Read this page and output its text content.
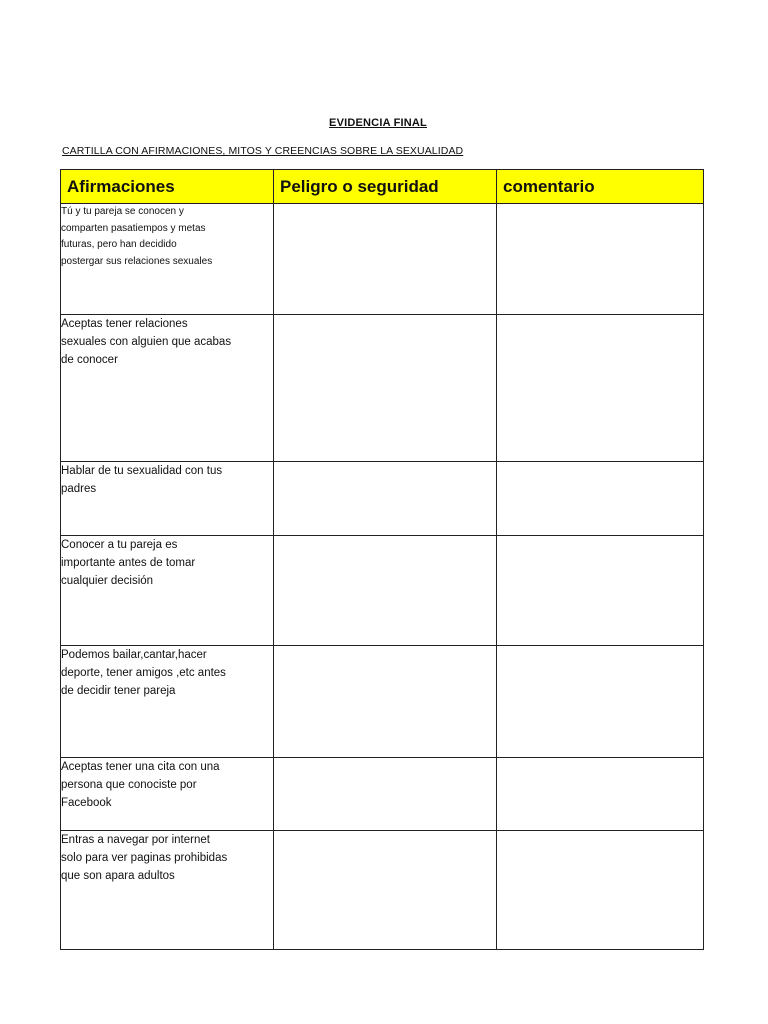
EVIDENCIA FINAL
CARTILLA CON AFIRMACIONES, MITOS Y CREENCIAS SOBRE LA SEXUALIDAD
Afirmaciones	Peligro o seguridad	comentario
Tú y tu pareja se conocen y
comparten pasatiempos y metas
futuras, pero han decidido
postergar sus relaciones sexuales		
Aceptas tener relaciones
sexuales con alguien que acabas
de conocer		
Hablar de tu sexualidad con tus
padres		
Conocer a tu pareja es
importante antes de tomar
cualquier decisión		
Podemos bailar,cantar,hacer
deporte, tener amigos ,etc antes
de decidir tener pareja		
Aceptas tener una cita con una
persona que conociste por
Facebook		
Entras a navegar por internet
solo para ver paginas prohibidas
que son apara adultos		
